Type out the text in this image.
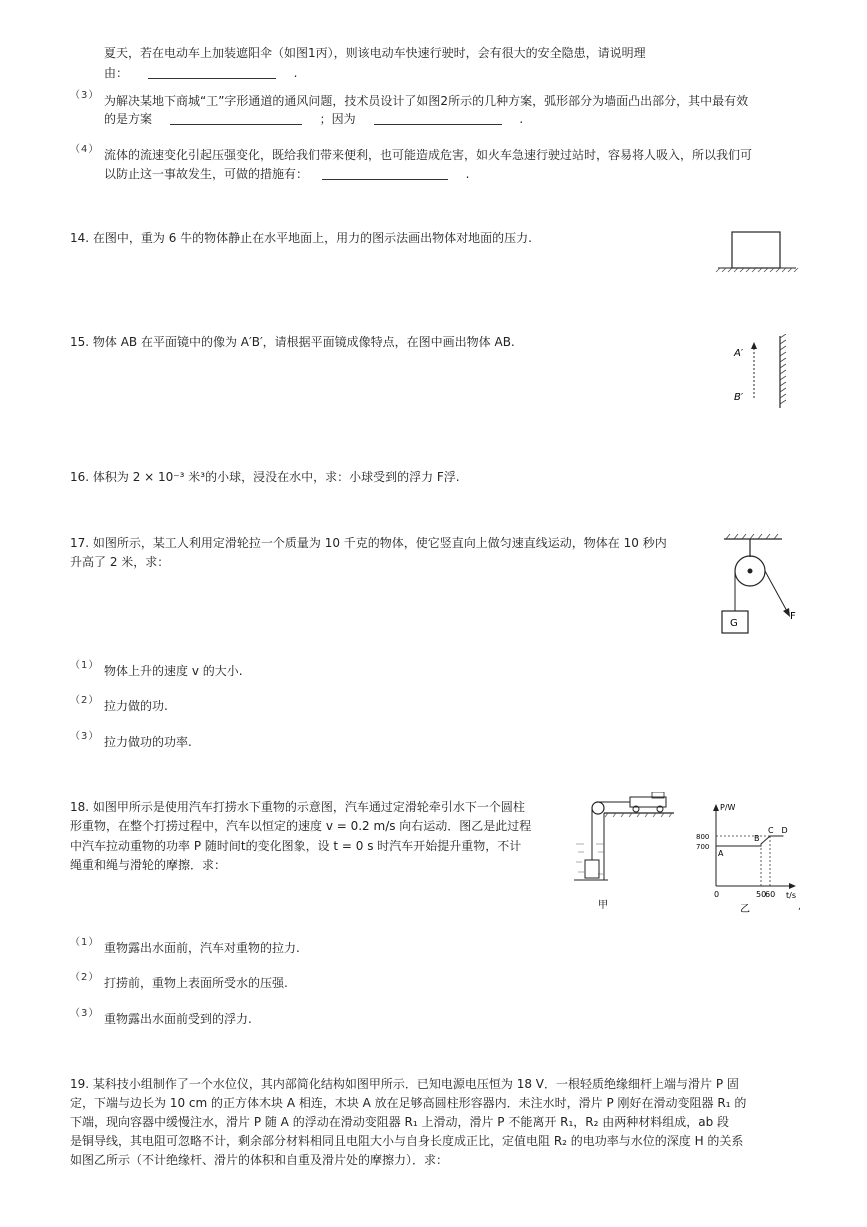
夏天，若在电动车上加装遮阳伞（如图1丙），则该电动车快速行驶时，会有很大的安全隐患，请说明理
由：	.
（3） 为解决某地下商城“工”字形通道的通风问题，技术员设计了如图2所示的几种方案，弧形部分为墙面凸出部分，其中最有效
的是方案	；因为	.
（4） 流体的流速变化引起压强变化，既给我们带来便利，也可能造成危害，如火车急速行驶过站时，容易将人吸入，所以我们可
以防止这一事故发生，可做的措施有：	.
14. 在图中，重为 6 牛的物体静止在水平地面上，用力的图示法画出物体对地面的压力.
15. 物体 AB 在平面镜中的像为 A′B′，请根据平面镜成像特点，在图中画出物体 AB.
A′
B′
16. 体积为 2 × 10⁻³ 米³的小球，浸没在水中，求：小球受到的浮力 F浮.
17. 如图所示，某工人利用定滑轮拉一个质量为 10 千克的物体，使它竖直向上做匀速直线运动，物体在 10 秒内
升高了 2 米，求：
F
G
（1） 物体上升的速度 v 的大小.
（2） 拉力做的功.
（3） 拉力做功的功率.
18. 如图甲所示是使用汽车打捞水下重物的示意图，汽车通过定滑轮牵引水下一个圆柱
形重物，在整个打捞过程中，汽车以恒定的速度 v = 0.2 m/s 向右运动．图乙是此过程
中汽车拉动重物的功率 P 随时间t的变化图象，设 t = 0 s 时汽车开始提升重物，不计
绳重和绳与滑轮的摩擦．求：
甲
P/W
t/s
A
B
C D
700
800
0	50
60
乙	,
（1） 重物露出水面前，汽车对重物的拉力.
（2） 打捞前，重物上表面所受水的压强.
（3） 重物露出水面前受到的浮力.
19. 某科技小组制作了一个水位仪，其内部简化结构如图甲所示．已知电源电压恒为 18 V．一根轻质绝缘细杆上端与滑片 P 固
定，下端与边长为 10 cm 的正方体木块 A 相连，木块 A 放在足够高圆柱形容器内．未注水时，滑片 P 刚好在滑动变阻器 R₁ 的
下端，现向容器中缓慢注水，滑片 P 随 A 的浮动在滑动变阻器 R₁ 上滑动，滑片 P 不能离开 R₁，R₂ 由两种材料组成，ab 段
是铜导线，其电阻可忽略不计，剩余部分材料相同且电阻大小与自身长度成正比，定值电阻 R₂ 的电功率与水位的深度 H 的关系
如图乙所示（不计绝缘杆、滑片的体积和自重及滑片处的摩擦力）．求：
